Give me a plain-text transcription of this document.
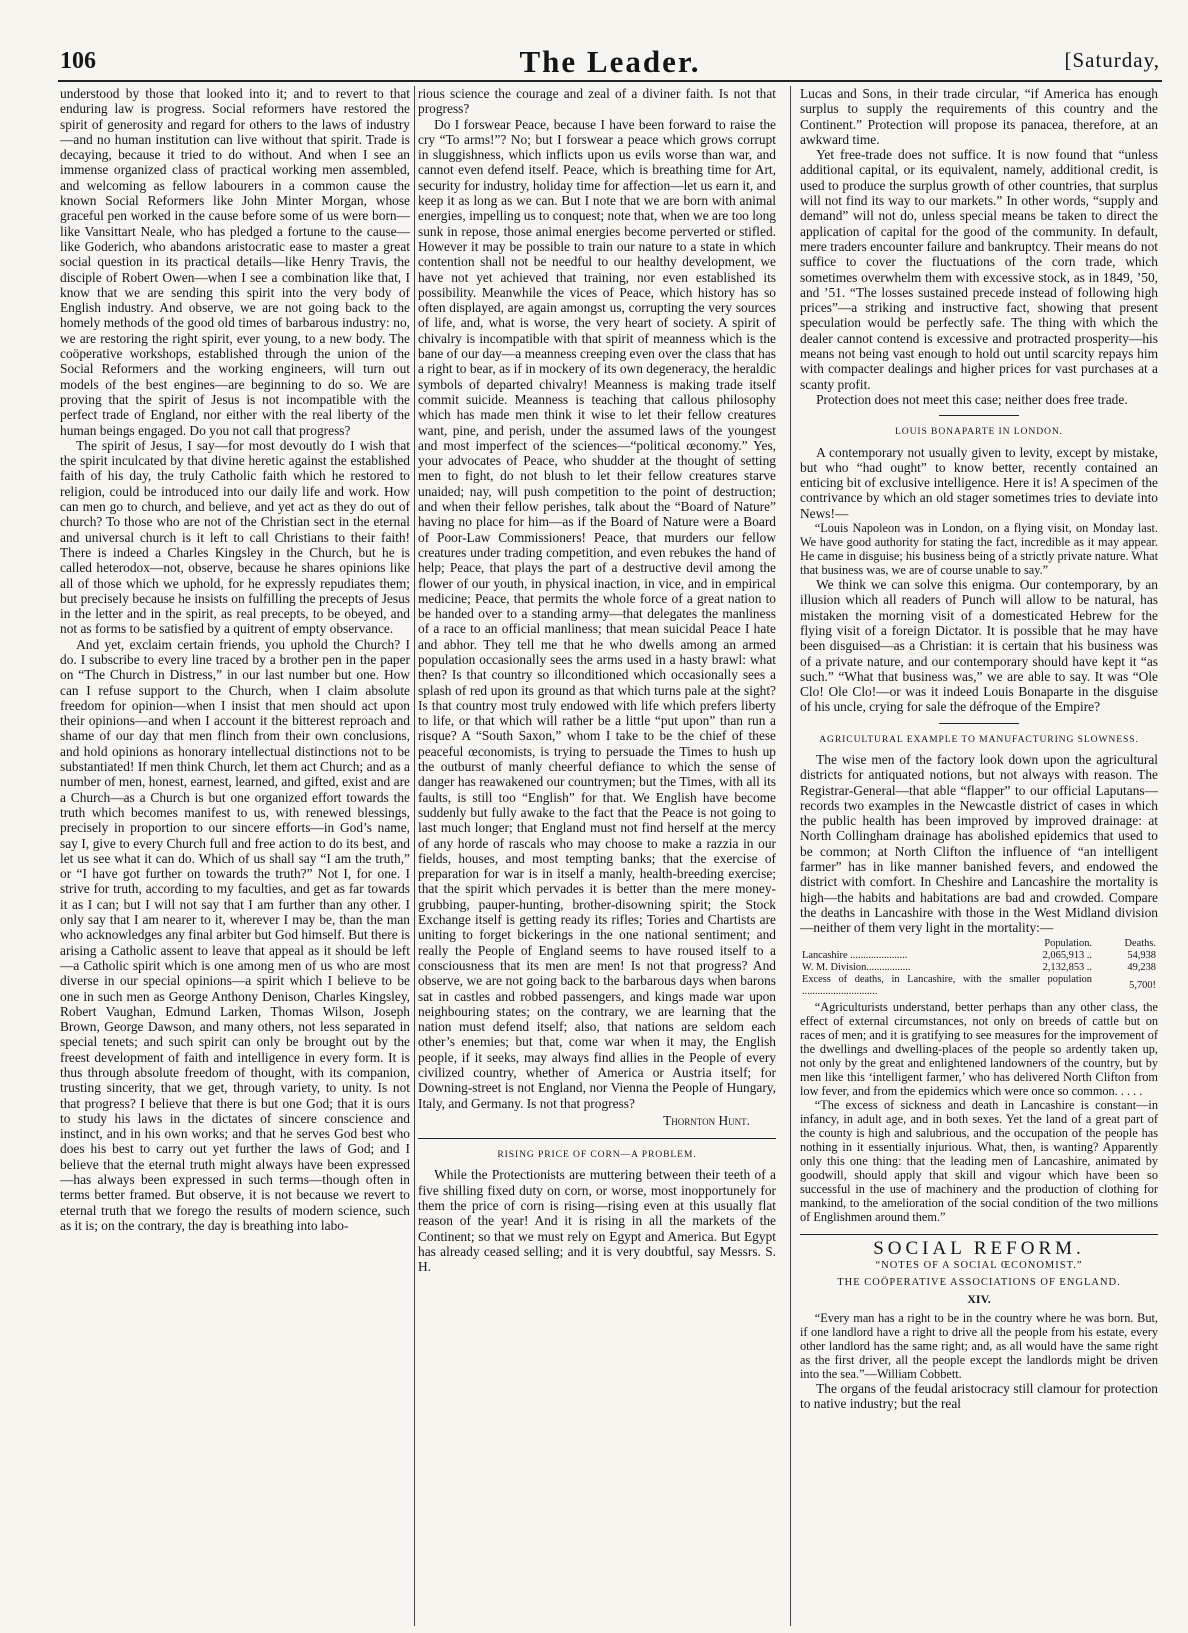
106	The Leader.	[Saturday,

understood by those that looked into it; and to revert to that enduring law is progress. Social reformers have restored the spirit of generosity and regard for others to the laws of industry—and no human institution can live without that spirit. Trade is decaying, because it tried to do without. And when I see an immense organized class of practical working men assembled, and welcoming as fellow labourers in a common cause the known Social Reformers like John Minter Morgan, whose graceful pen worked in the cause before some of us were born—like Vansittart Neale, who has pledged a fortune to the cause—like Goderich, who abandons aristocratic ease to master a great social question in its practical details—like Henry Travis, the disciple of Robert Owen—when I see a combination like that, I know that we are sending this spirit into the very body of English industry. And observe, we are not going back to the homely methods of the good old times of barbarous industry: no, we are restoring the right spirit, ever young, to a new body. The coöperative workshops, established through the union of the Social Reformers and the working engineers, will turn out models of the best engines—are beginning to do so. We are proving that the spirit of Jesus is not incompatible with the perfect trade of England, nor either with the real liberty of the human beings engaged. Do you not call that progress?

The spirit of Jesus, I say—for most devoutly do I wish that the spirit inculcated by that divine heretic against the established faith of his day, the truly Catholic faith which he restored to religion, could be introduced into our daily life and work. How can men go to church, and believe, and yet act as they do out of church? To those who are not of the Christian sect in the eternal and universal church is it left to call Christians to their faith! There is indeed a Charles Kingsley in the Church, but he is called heterodox—not, observe, because he shares opinions like all of those which we uphold, for he expressly repudiates them; but precisely because he insists on fulfilling the precepts of Jesus in the letter and in the spirit, as real precepts, to be obeyed, and not as forms to be satisfied by a quitrent of empty observance.

And yet, exclaim certain friends, you uphold the Church? I do. I subscribe to every line traced by a brother pen in the paper on “The Church in Distress,” in our last number but one. How can I refuse support to the Church, when I claim absolute freedom for opinion—when I insist that men should act upon their opinions—and when I account it the bitterest reproach and shame of our day that men flinch from their own conclusions, and hold opinions as honorary intellectual distinctions not to be substantiated! If men think Church, let them act Church; and as a number of men, honest, earnest, learned, and gifted, exist and are a Church—as a Church is but one organized effort towards the truth which becomes manifest to us, with renewed blessings, precisely in proportion to our sincere efforts—in God’s name, say I, give to every Church full and free action to do its best, and let us see what it can do. Which of us shall say “I am the truth,” or “I have got further on towards the truth?” Not I, for one. I strive for truth, according to my faculties, and get as far towards it as I can; but I will not say that I am further than any other. I only say that I am nearer to it, wherever I may be, than the man who acknowledges any final arbiter but God himself. But there is arising a Catholic assent to leave that appeal as it should be left—a Catholic spirit which is one among men of us who are most diverse in our special opinions—a spirit which I believe to be one in such men as George Anthony Denison, Charles Kingsley, Robert Vaughan, Edmund Larken, Thomas Wilson, Joseph Brown, George Dawson, and many others, not less separated in special tenets; and such spirit can only be brought out by the freest development of faith and intelligence in every form. It is thus through absolute freedom of thought, with its companion, trusting sincerity, that we get, through variety, to unity. Is not that progress? I believe that there is but one God; that it is ours to study his laws in the dictates of sincere conscience and instinct, and in his own works; and that he serves God best who does his best to carry out yet further the laws of God; and I believe that the eternal truth might always have been expressed—has always been expressed in such terms—though often in terms better framed. But observe, it is not because we revert to eternal truth that we forego the results of modern science, such as it is; on the contrary, the day is breathing into labo-

rious science the courage and zeal of a diviner faith. Is not that progress?

Do I forswear Peace, because I have been forward to raise the cry “To arms!”? No; but I forswear a peace which grows corrupt in sluggishness, which inflicts upon us evils worse than war, and cannot even defend itself. Peace, which is breathing time for Art, security for industry, holiday time for affection—let us earn it, and keep it as long as we can. But I note that we are born with animal energies, impelling us to conquest; note that, when we are too long sunk in repose, those animal energies become perverted or stifled. However it may be possible to train our nature to a state in which contention shall not be needful to our healthy development, we have not yet achieved that training, nor even established its possibility. Meanwhile the vices of Peace, which history has so often displayed, are again amongst us, corrupting the very sources of life, and, what is worse, the very heart of society. A spirit of chivalry is incompatible with that spirit of meanness which is the bane of our day—a meanness creeping even over the class that has a right to bear, as if in mockery of its own degeneracy, the heraldic symbols of departed chivalry! Meanness is making trade itself commit suicide. Meanness is teaching that callous philosophy which has made men think it wise to let their fellow creatures want, pine, and perish, under the assumed laws of the youngest and most imperfect of the sciences—“political œconomy.” Yes, your advocates of Peace, who shudder at the thought of setting men to fight, do not blush to let their fellow creatures starve unaided; nay, will push competition to the point of destruction; and when their fellow perishes, talk about the “Board of Nature” having no place for him—as if the Board of Nature were a Board of Poor-Law Commissioners! Peace, that murders our fellow creatures under trading competition, and even rebukes the hand of help; Peace, that plays the part of a destructive devil among the flower of our youth, in physical inaction, in vice, and in empirical medicine; Peace, that permits the whole force of a great nation to be handed over to a standing army—that delegates the manliness of a race to an official manliness; that mean suicidal Peace I hate and abhor. They tell me that he who dwells among an armed population occasionally sees the arms used in a hasty brawl: what then? Is that country so illconditioned which occasionally sees a splash of red upon its ground as that which turns pale at the sight? Is that country most truly endowed with life which prefers liberty to life, or that which will rather be a little “put upon” than run a risque? A “South Saxon,” whom I take to be the chief of these peaceful œconomists, is trying to persuade the Times to hush up the outburst of manly cheerful defiance to which the sense of danger has reawakened our countrymen; but the Times, with all its faults, is still too “English” for that. We English have become suddenly but fully awake to the fact that the Peace is not going to last much longer; that England must not find herself at the mercy of any horde of rascals who may choose to make a razzia in our fields, houses, and most tempting banks; that the exercise of preparation for war is in itself a manly, health-breeding exercise; that the spirit which pervades it is better than the mere money-grubbing, pauper-hunting, brother-disowning spirit; the Stock Exchange itself is getting ready its rifles; Tories and Chartists are uniting to forget bickerings in the one national sentiment; and really the People of England seems to have roused itself to a consciousness that its men are men! Is not that progress? And observe, we are not going back to the barbarous days when barons sat in castles and robbed passengers, and kings made war upon neighbouring states; on the contrary, we are learning that the nation must defend itself; also, that nations are seldom each other’s enemies; but that, come war when it may, the English people, if it seeks, may always find allies in the People of every civilized country, whether of America or Austria itself; for Downing-street is not England, nor Vienna the People of Hungary, Italy, and Germany. Is not that progress?

Thornton Hunt.
RISING PRICE OF CORN—A PROBLEM.

While the Protectionists are muttering between their teeth of a five shilling fixed duty on corn, or worse, most inopportunely for them the price of corn is rising—rising even at this usually flat reason of the year! And it is rising in all the markets of the Continent; so that we must rely on Egypt and America. But Egypt has already ceased selling; and it is very doubtful, say Messrs. S. H.

Lucas and Sons, in their trade circular, “if America has enough surplus to supply the requirements of this country and the Continent.” Protection will propose its panacea, therefore, at an awkward time.

Yet free-trade does not suffice. It is now found that “unless additional capital, or its equivalent, namely, additional credit, is used to produce the surplus growth of other countries, that surplus will not find its way to our markets.” In other words, “supply and demand” will not do, unless special means be taken to direct the application of capital for the good of the community. In default, mere traders encounter failure and bankruptcy. Their means do not suffice to cover the fluctuations of the corn trade, which sometimes overwhelm them with excessive stock, as in 1849, ’50, and ’51. “The losses sustained precede instead of following high prices”—a striking and instructive fact, showing that present speculation would be perfectly safe. The thing with which the dealer cannot contend is excessive and protracted prosperity—his means not being vast enough to hold out until scarcity repays him with compacter dealings and higher prices for vast purchases at a scanty profit.

Protection does not meet this case; neither does free trade.

LOUIS BONAPARTE IN LONDON.

A contemporary not usually given to levity, except by mistake, but who “had ought” to know better, recently contained an enticing bit of exclusive intelligence. Here it is! A specimen of the contrivance by which an old stager sometimes tries to deviate into News!—

“Louis Napoleon was in London, on a flying visit, on Monday last. We have good authority for stating the fact, incredible as it may appear. He came in disguise; his business being of a strictly private nature. What that business was, we are of course unable to say.”

We think we can solve this enigma. Our contemporary, by an illusion which all readers of Punch will allow to be natural, has mistaken the morning visit of a domesticated Hebrew for the flying visit of a foreign Dictator. It is possible that he may have been disguised—as a Christian: it is certain that his business was of a private nature, and our contemporary should have kept it “as such.” “What that business was,” we are able to say. It was “Ole Clo! Ole Clo!—or was it indeed Louis Bonaparte in the disguise of his uncle, crying for sale the défroque of the Empire?

AGRICULTURAL EXAMPLE TO MANUFACTURING SLOWNESS.

The wise men of the factory look down upon the agricultural districts for antiquated notions, but not always with reason. The Registrar-General—that able “flapper” to our official Laputans—records two examples in the Newcastle district of cases in which the public health has been improved by improved drainage: at North Collingham drainage has abolished epidemics that used to be common; at North Clifton the influence of “an intelligent farmer” has in like manner banished fevers, and endowed the district with comfort. In Cheshire and Lancashire the mortality is high—the habits and habitations are bad and crowded. Compare the deaths in Lancashire with those in the West Midland division—neither of them very light in the mortality:—

	Population.	Deaths.
Lancashire ......................	2,065,913 ..	54,938
W. M. Division.................	2,132,853 ..	49,238
Excess of deaths, in Lancashire, with the smaller population .............................		5,700!

“Agriculturists understand, better perhaps than any other class, the effect of external circumstances, not only on breeds of cattle but on races of men; and it is gratifying to see measures for the improvement of the dwellings and dwelling-places of the people so ardently taken up, not only by the great and enlightened landowners of the country, but by men like this ‘intelligent farmer,’ who has delivered North Clifton from low fever, and from the epidemics which were once so common. . . . .

“The excess of sickness and death in Lancashire is constant—in infancy, in adult age, and in both sexes. Yet the land of a great part of the county is high and salubrious, and the occupation of the people has nothing in it essentially injurious. What, then, is wanting? Apparently only this one thing: that the leading men of Lancashire, animated by goodwill, should apply that skill and vigour which have been so successful in the use of machinery and the production of clothing for mankind, to the amelioration of the social condition of the two millions of Englishmen around them.”

SOCIAL REFORM.
“NOTES OF A SOCIAL ŒCONOMIST.”
THE COÖPERATIVE ASSOCIATIONS OF ENGLAND.
XIV.

“Every man has a right to be in the country where he was born. But, if one landlord have a right to drive all the people from his estate, every other landlord has the same right; and, as all would have the same right as the first driver, all the people except the landlords might be driven into the sea.”—William Cobbett.

The organs of the feudal aristocracy still clamour for protection to native industry; but the real
